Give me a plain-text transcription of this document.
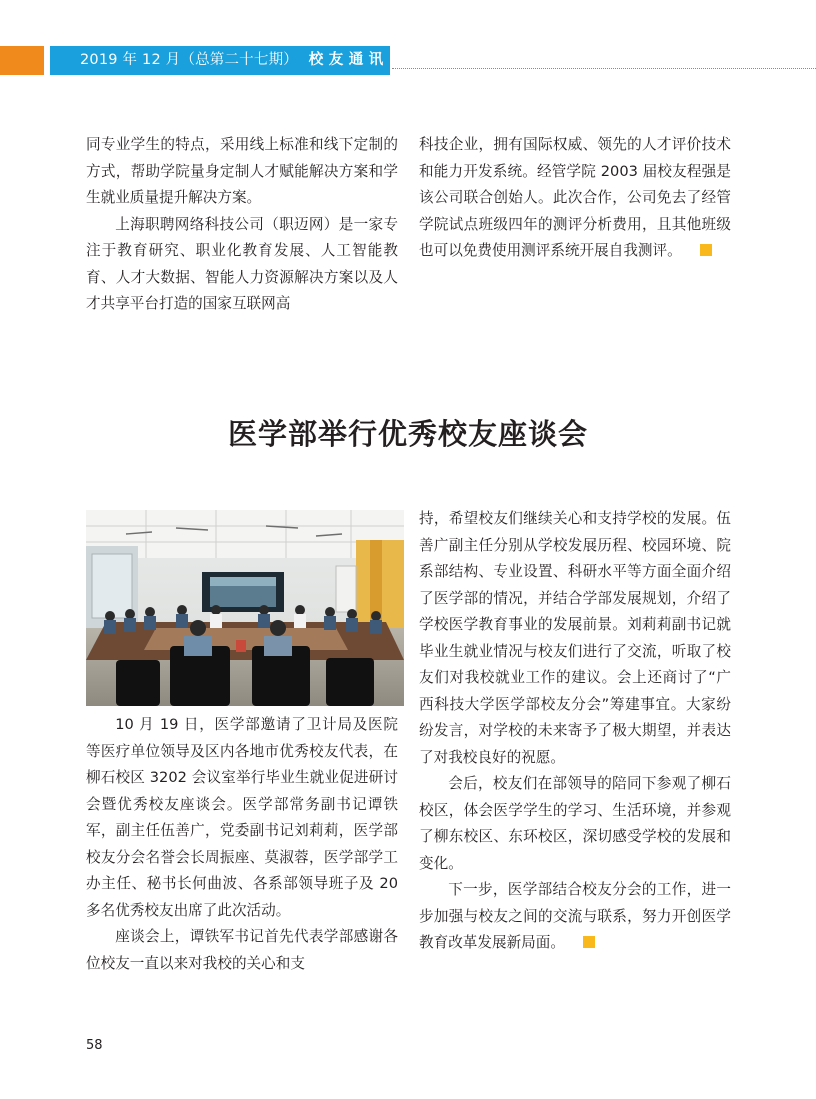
2019 年 12 月（总第二十七期） 校 友 通 讯

同专业学生的特点，采用线上标准和线下定制的方式，帮助学院量身定制人才赋能解决方案和学生就业质量提升解决方案。

上海职聘网络科技公司（职迈网）是一家专注于教育研究、职业化教育发展、人工智能教育、人才大数据、智能人力资源解决方案以及人才共享平台打造的国家互联网高

科技企业，拥有国际权威、领先的人才评价技术和能力开发系统。经管学院 2003 届校友程强是该公司联合创始人。此次合作，公司免去了经管学院试点班级四年的测评分析费用，且其他班级也可以免费使用测评系统开展自我测评。

医学部举行优秀校友座谈会

10 月 19 日，医学部邀请了卫计局及医院等医疗单位领导及区内各地市优秀校友代表，在柳石校区 3202 会议室举行毕业生就业促进研讨会暨优秀校友座谈会。医学部常务副书记谭铁军，副主任伍善广，党委副书记刘莉莉，医学部校友分会名誉会长周振座、莫淑蓉，医学部学工办主任、秘书长何曲波、各系部领导班子及 20 多名优秀校友出席了此次活动。

座谈会上，谭铁军书记首先代表学部感谢各位校友一直以来对我校的关心和支

持，希望校友们继续关心和支持学校的发展。伍善广副主任分别从学校发展历程、校园环境、院系部结构、专业设置、科研水平等方面全面介绍了医学部的情况，并结合学部发展规划，介绍了学校医学教育事业的发展前景。刘莉莉副书记就毕业生就业情况与校友们进行了交流，听取了校友们对我校就业工作的建议。会上还商讨了“广西科技大学医学部校友分会”筹建事宜。大家纷纷发言，对学校的未来寄予了极大期望，并表达了对我校良好的祝愿。

会后，校友们在部领导的陪同下参观了柳石校区，体会医学学生的学习、生活环境，并参观了柳东校区、东环校区，深切感受学校的发展和变化。

下一步，医学部结合校友分会的工作，进一步加强与校友之间的交流与联系，努力开创医学教育改革发展新局面。

58
